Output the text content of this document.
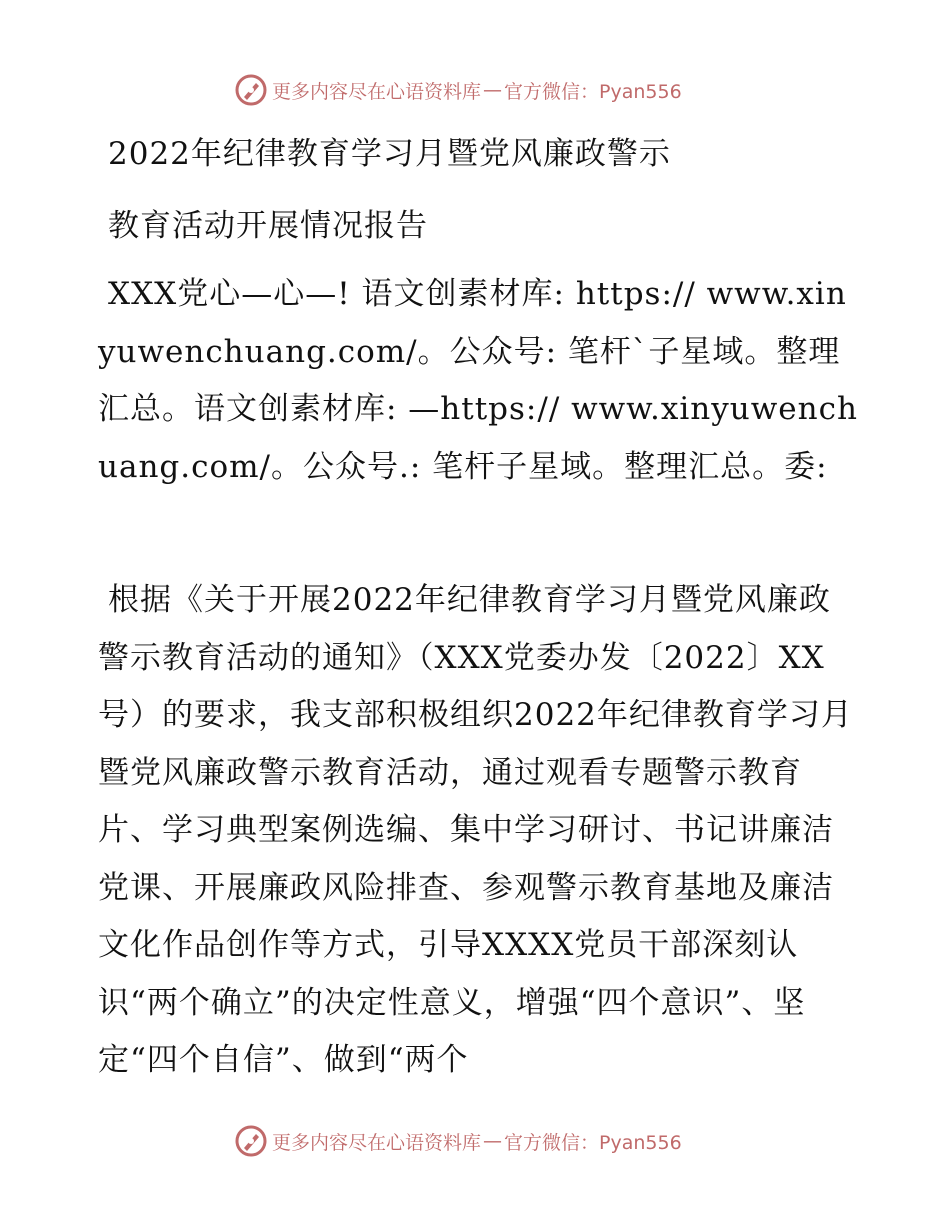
更多内容尽在心语资料库 — 官方微信：Pyan556
2022年纪律教育学习月暨党风廉政警示
教育活动开展情况报告

XXX党心—心—! 语文创素材库: https:// www.xinyuwenchuang.com/。公众号: 笔杆`子星域。整理汇总。语文创素材库: —https:// www.xinyuwenchuang.com/。公众号.: 笔杆子星域。整理汇总。委:

根据《关于开展2022年纪律教育学习月暨党风廉政警示教育活动的通知》（XXX党委办发〔2022〕XX号）的要求，我支部积极组织2022年纪律教育学习月暨党风廉政警示教育活动，通过观看专题警示教育片、学习典型案例选编、集中学习研讨、书记讲廉洁党课、开展廉政风险排查、参观警示教育基地及廉洁文化作品创作等方式，引导XXXX党员干部深刻认识“两个确立”的决定性意义，增强“四个意识”、坚定“四个自信”、做到“两个

更多内容尽在心语资料库 — 官方微信：Pyan556
